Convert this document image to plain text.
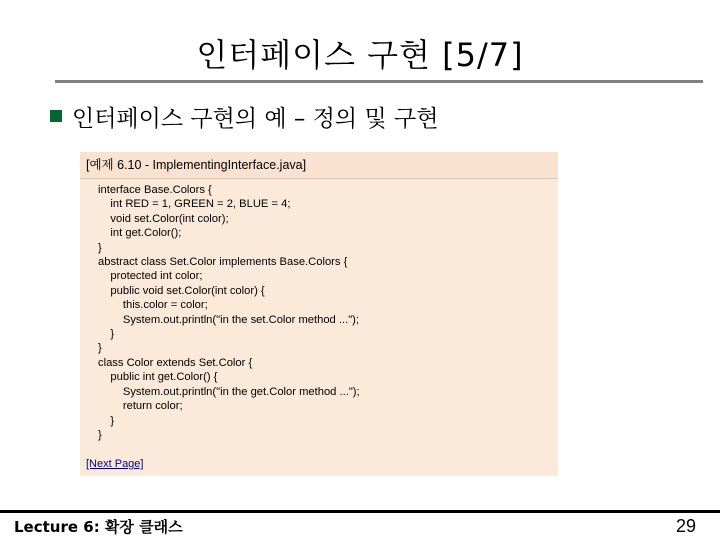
인터페이스 구현 [5/7]
인터페이스 구현의 예 – 정의 및 구현
[예제 6.10 - ImplementingInterface.java]
interface Base.Colors {
int RED = 1, GREEN = 2, BLUE = 4;
void set.Color(int color);
int get.Color();
}
abstract class Set.Color implements Base.Colors {
protected int color;
public void set.Color(int color) {
this.color = color;
System.out.println("in the set.Color method ...");
}
}
class Color extends Set.Color {
public int get.Color() {
System.out.println("in the get.Color method ...");
return color;
}
}
[Next Page]
Lecture 6: 확장 클래스	29
